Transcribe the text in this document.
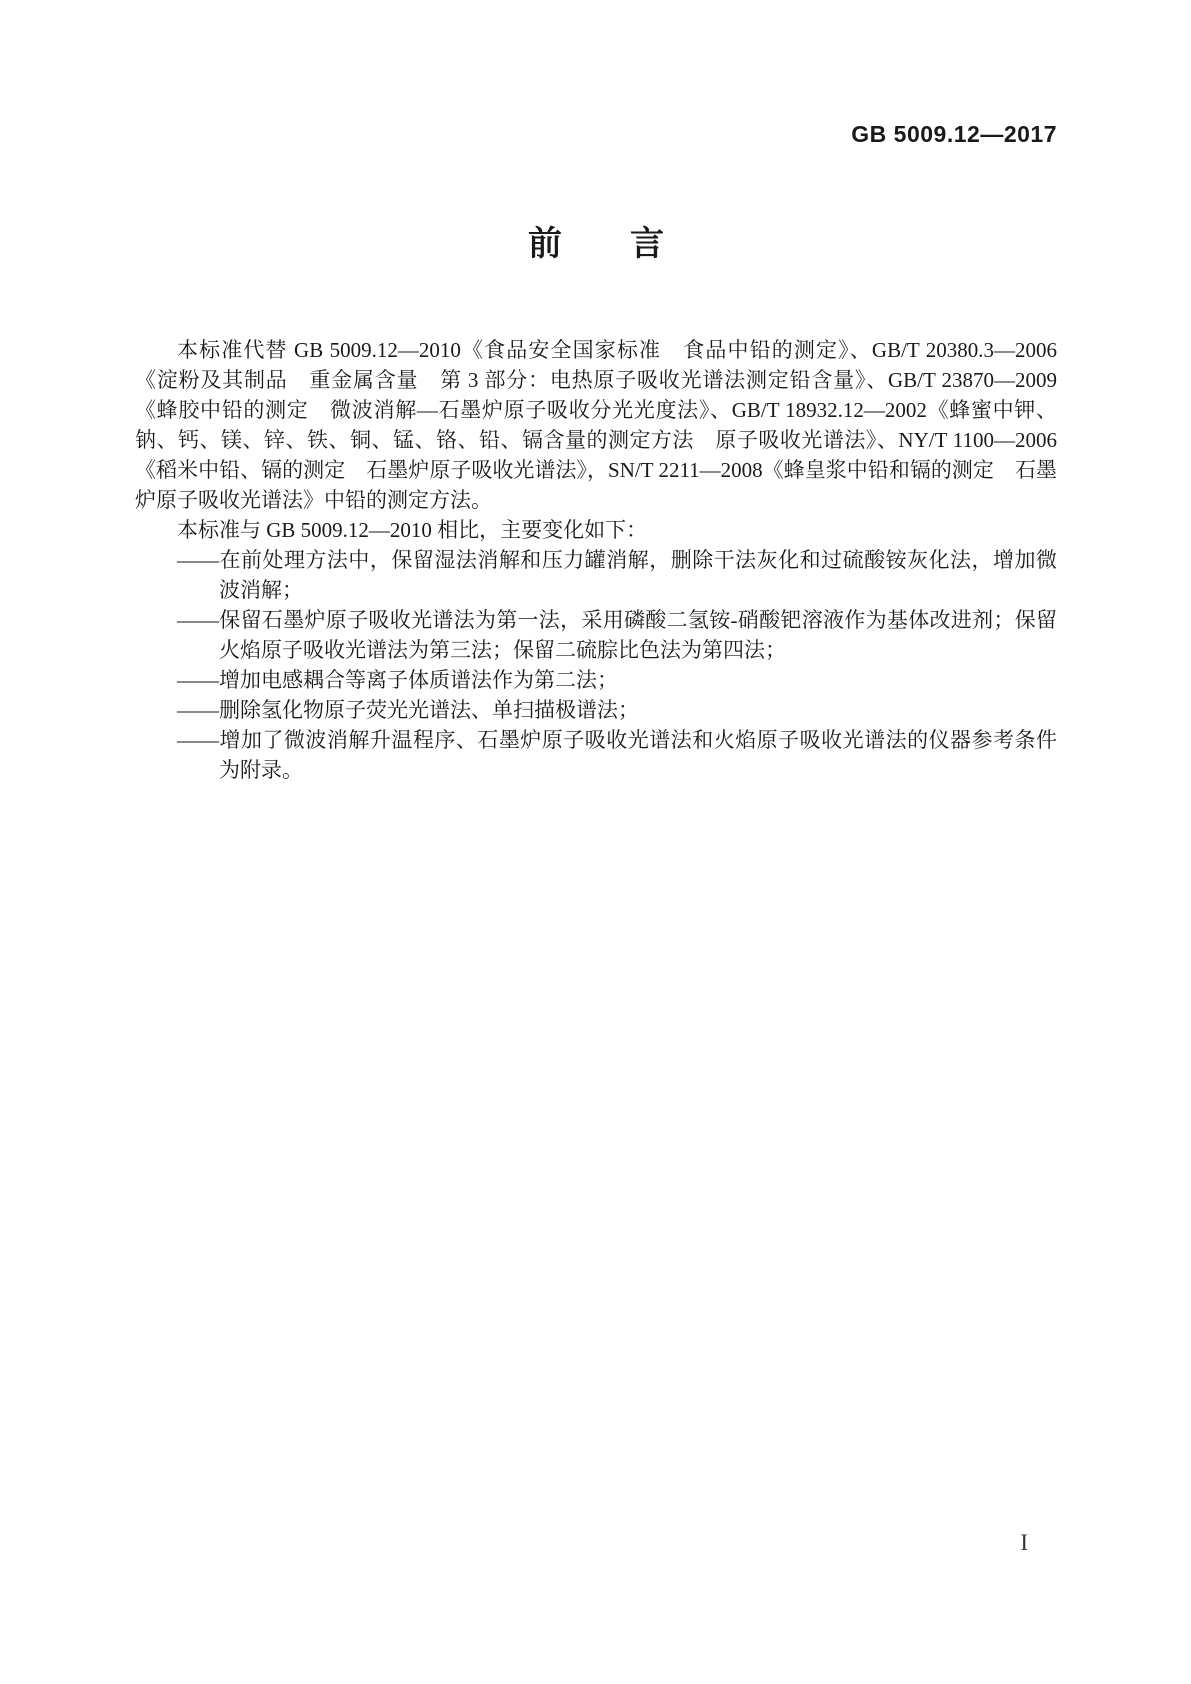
GB 5009.12—2017
前　　言

本标准代替 GB 5009.12—2010《食品安全国家标准　食品中铅的测定》、GB/T 20380.3—2006《淀粉及其制品　重金属含量　第 3 部分：电热原子吸收光谱法测定铅含量》、GB/T 23870—2009《蜂胶中铅的测定　微波消解—石墨炉原子吸收分光光度法》、GB/T 18932.12—2002《蜂蜜中钾、钠、钙、镁、锌、铁、铜、锰、铬、铅、镉含量的测定方法　原子吸收光谱法》、NY/T 1100—2006《稻米中铅、镉的测定　石墨炉原子吸收光谱法》，SN/T 2211—2008《蜂皇浆中铅和镉的测定　石墨炉原子吸收光谱法》中铅的测定方法。

本标准与 GB 5009.12—2010 相比，主要变化如下：

——在前处理方法中，保留湿法消解和压力罐消解，删除干法灰化和过硫酸铵灰化法，增加微波消解；

——保留石墨炉原子吸收光谱法为第一法，采用磷酸二氢铵-硝酸钯溶液作为基体改进剂；保留火焰原子吸收光谱法为第三法；保留二硫腙比色法为第四法；

——增加电感耦合等离子体质谱法作为第二法；

——删除氢化物原子荧光光谱法、单扫描极谱法；

——增加了微波消解升温程序、石墨炉原子吸收光谱法和火焰原子吸收光谱法的仪器参考条件为附录。

I
